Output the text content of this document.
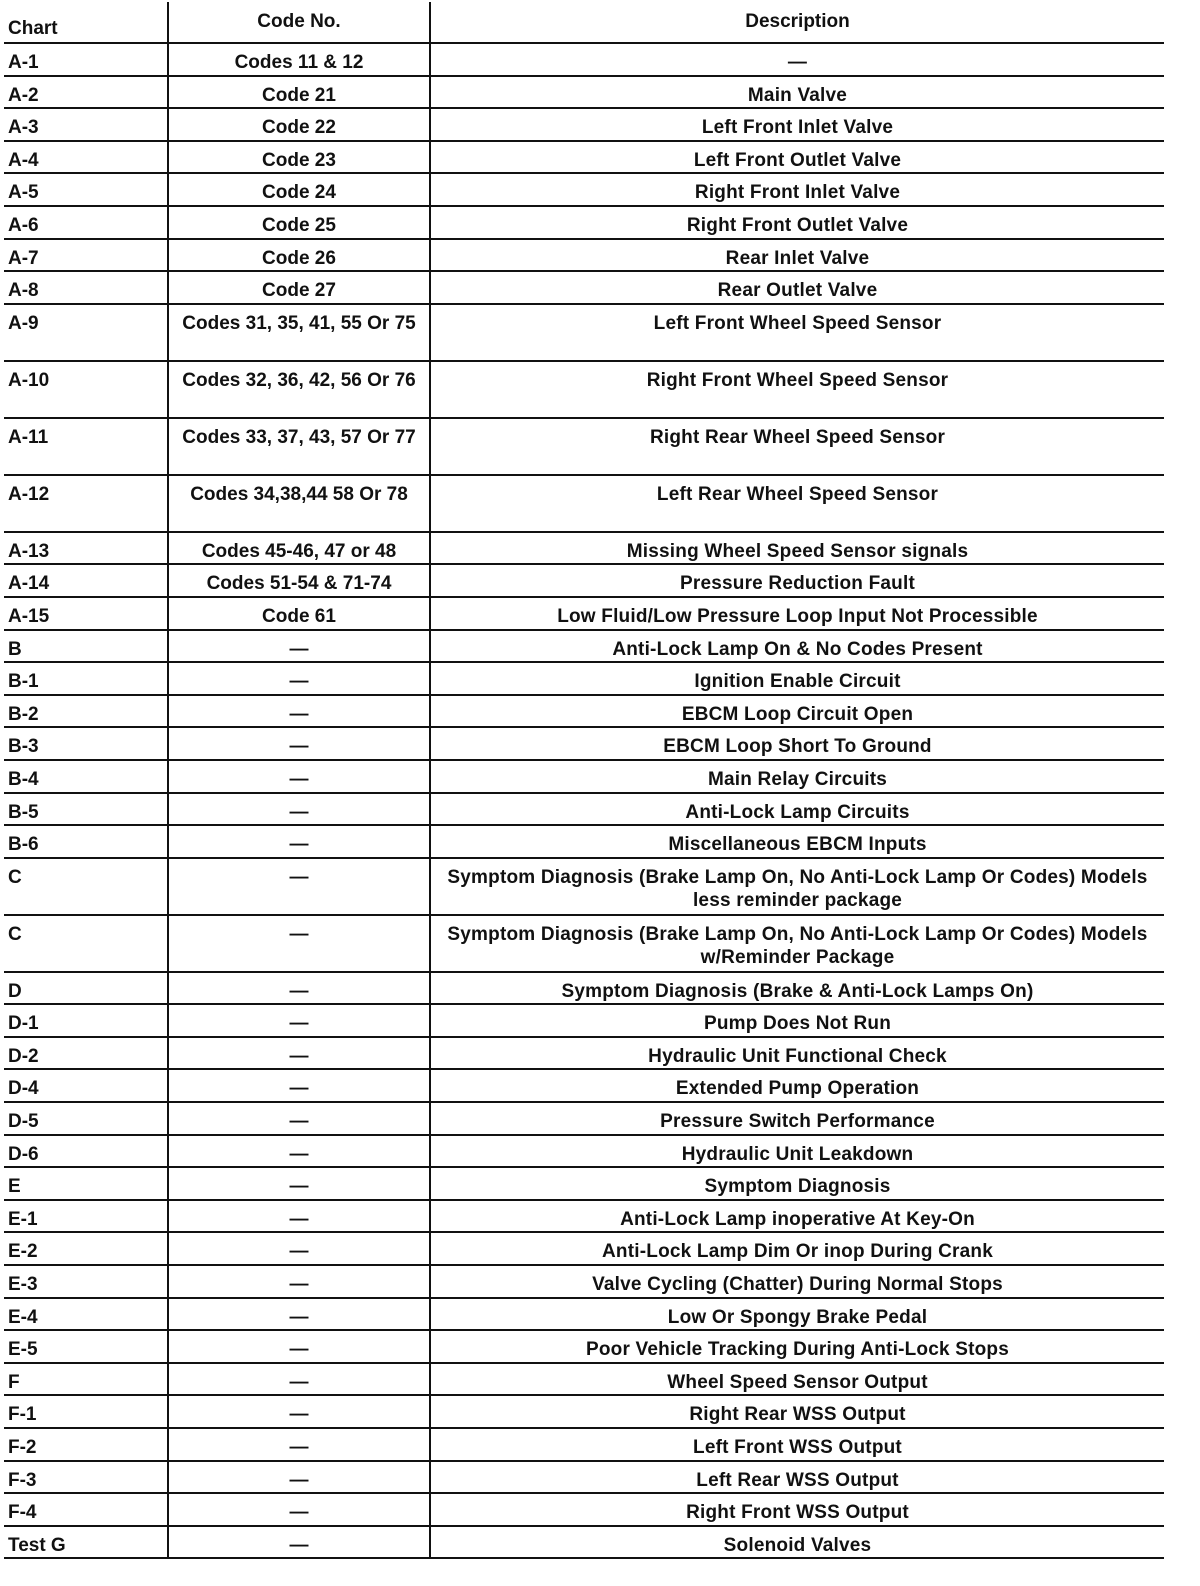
Chart	Code No.	Description
A-1	Codes 11 & 12	—
A-2	Code 21	Main Valve
A-3	Code 22	Left Front Inlet Valve
A-4	Code 23	Left Front Outlet Valve
A-5	Code 24	Right Front Inlet Valve
A-6	Code 25	Right Front Outlet Valve
A-7	Code 26	Rear Inlet Valve
A-8	Code 27	Rear Outlet Valve
A-9	Codes 31, 35, 41, 55 Or 75	Left Front Wheel Speed Sensor
A-10	Codes 32, 36, 42, 56 Or 76	Right Front Wheel Speed Sensor
A-11	Codes 33, 37, 43, 57 Or 77	Right Rear Wheel Speed Sensor
A-12	Codes 34,38,44 58 Or 78	Left Rear Wheel Speed Sensor
A-13	Codes 45-46, 47 or 48	Missing Wheel Speed Sensor signals
A-14	Codes 51-54 & 71-74	Pressure Reduction Fault
A-15	Code 61	Low Fluid/Low Pressure Loop Input Not Processible
B	—	Anti-Lock Lamp On & No Codes Present
B-1	—	Ignition Enable Circuit
B-2	—	EBCM Loop Circuit Open
B-3	—	EBCM Loop Short To Ground
B-4	—	Main Relay Circuits
B-5	—	Anti-Lock Lamp Circuits
B-6	—	Miscellaneous EBCM Inputs
C	—	Symptom Diagnosis (Brake Lamp On, No Anti-Lock Lamp Or Codes) Models less reminder package
C	—	Symptom Diagnosis (Brake Lamp On, No Anti-Lock Lamp Or Codes) Models w/Reminder Package
D	—	Symptom Diagnosis (Brake & Anti-Lock Lamps On)
D-1	—	Pump Does Not Run
D-2	—	Hydraulic Unit Functional Check
D-4	—	Extended Pump Operation
D-5	—	Pressure Switch Performance
D-6	—	Hydraulic Unit Leakdown
E	—	Symptom Diagnosis
E-1	—	Anti-Lock Lamp inoperative At Key-On
E-2	—	Anti-Lock Lamp Dim Or inop During Crank
E-3	—	Valve Cycling (Chatter) During Normal Stops
E-4	—	Low Or Spongy Brake Pedal
E-5	—	Poor Vehicle Tracking During Anti-Lock Stops
F	—	Wheel Speed Sensor Output
F-1	—	Right Rear WSS Output
F-2	—	Left Front WSS Output
F-3	—	Left Rear WSS Output
F-4	—	Right Front WSS Output
Test G	—	Solenoid Valves
